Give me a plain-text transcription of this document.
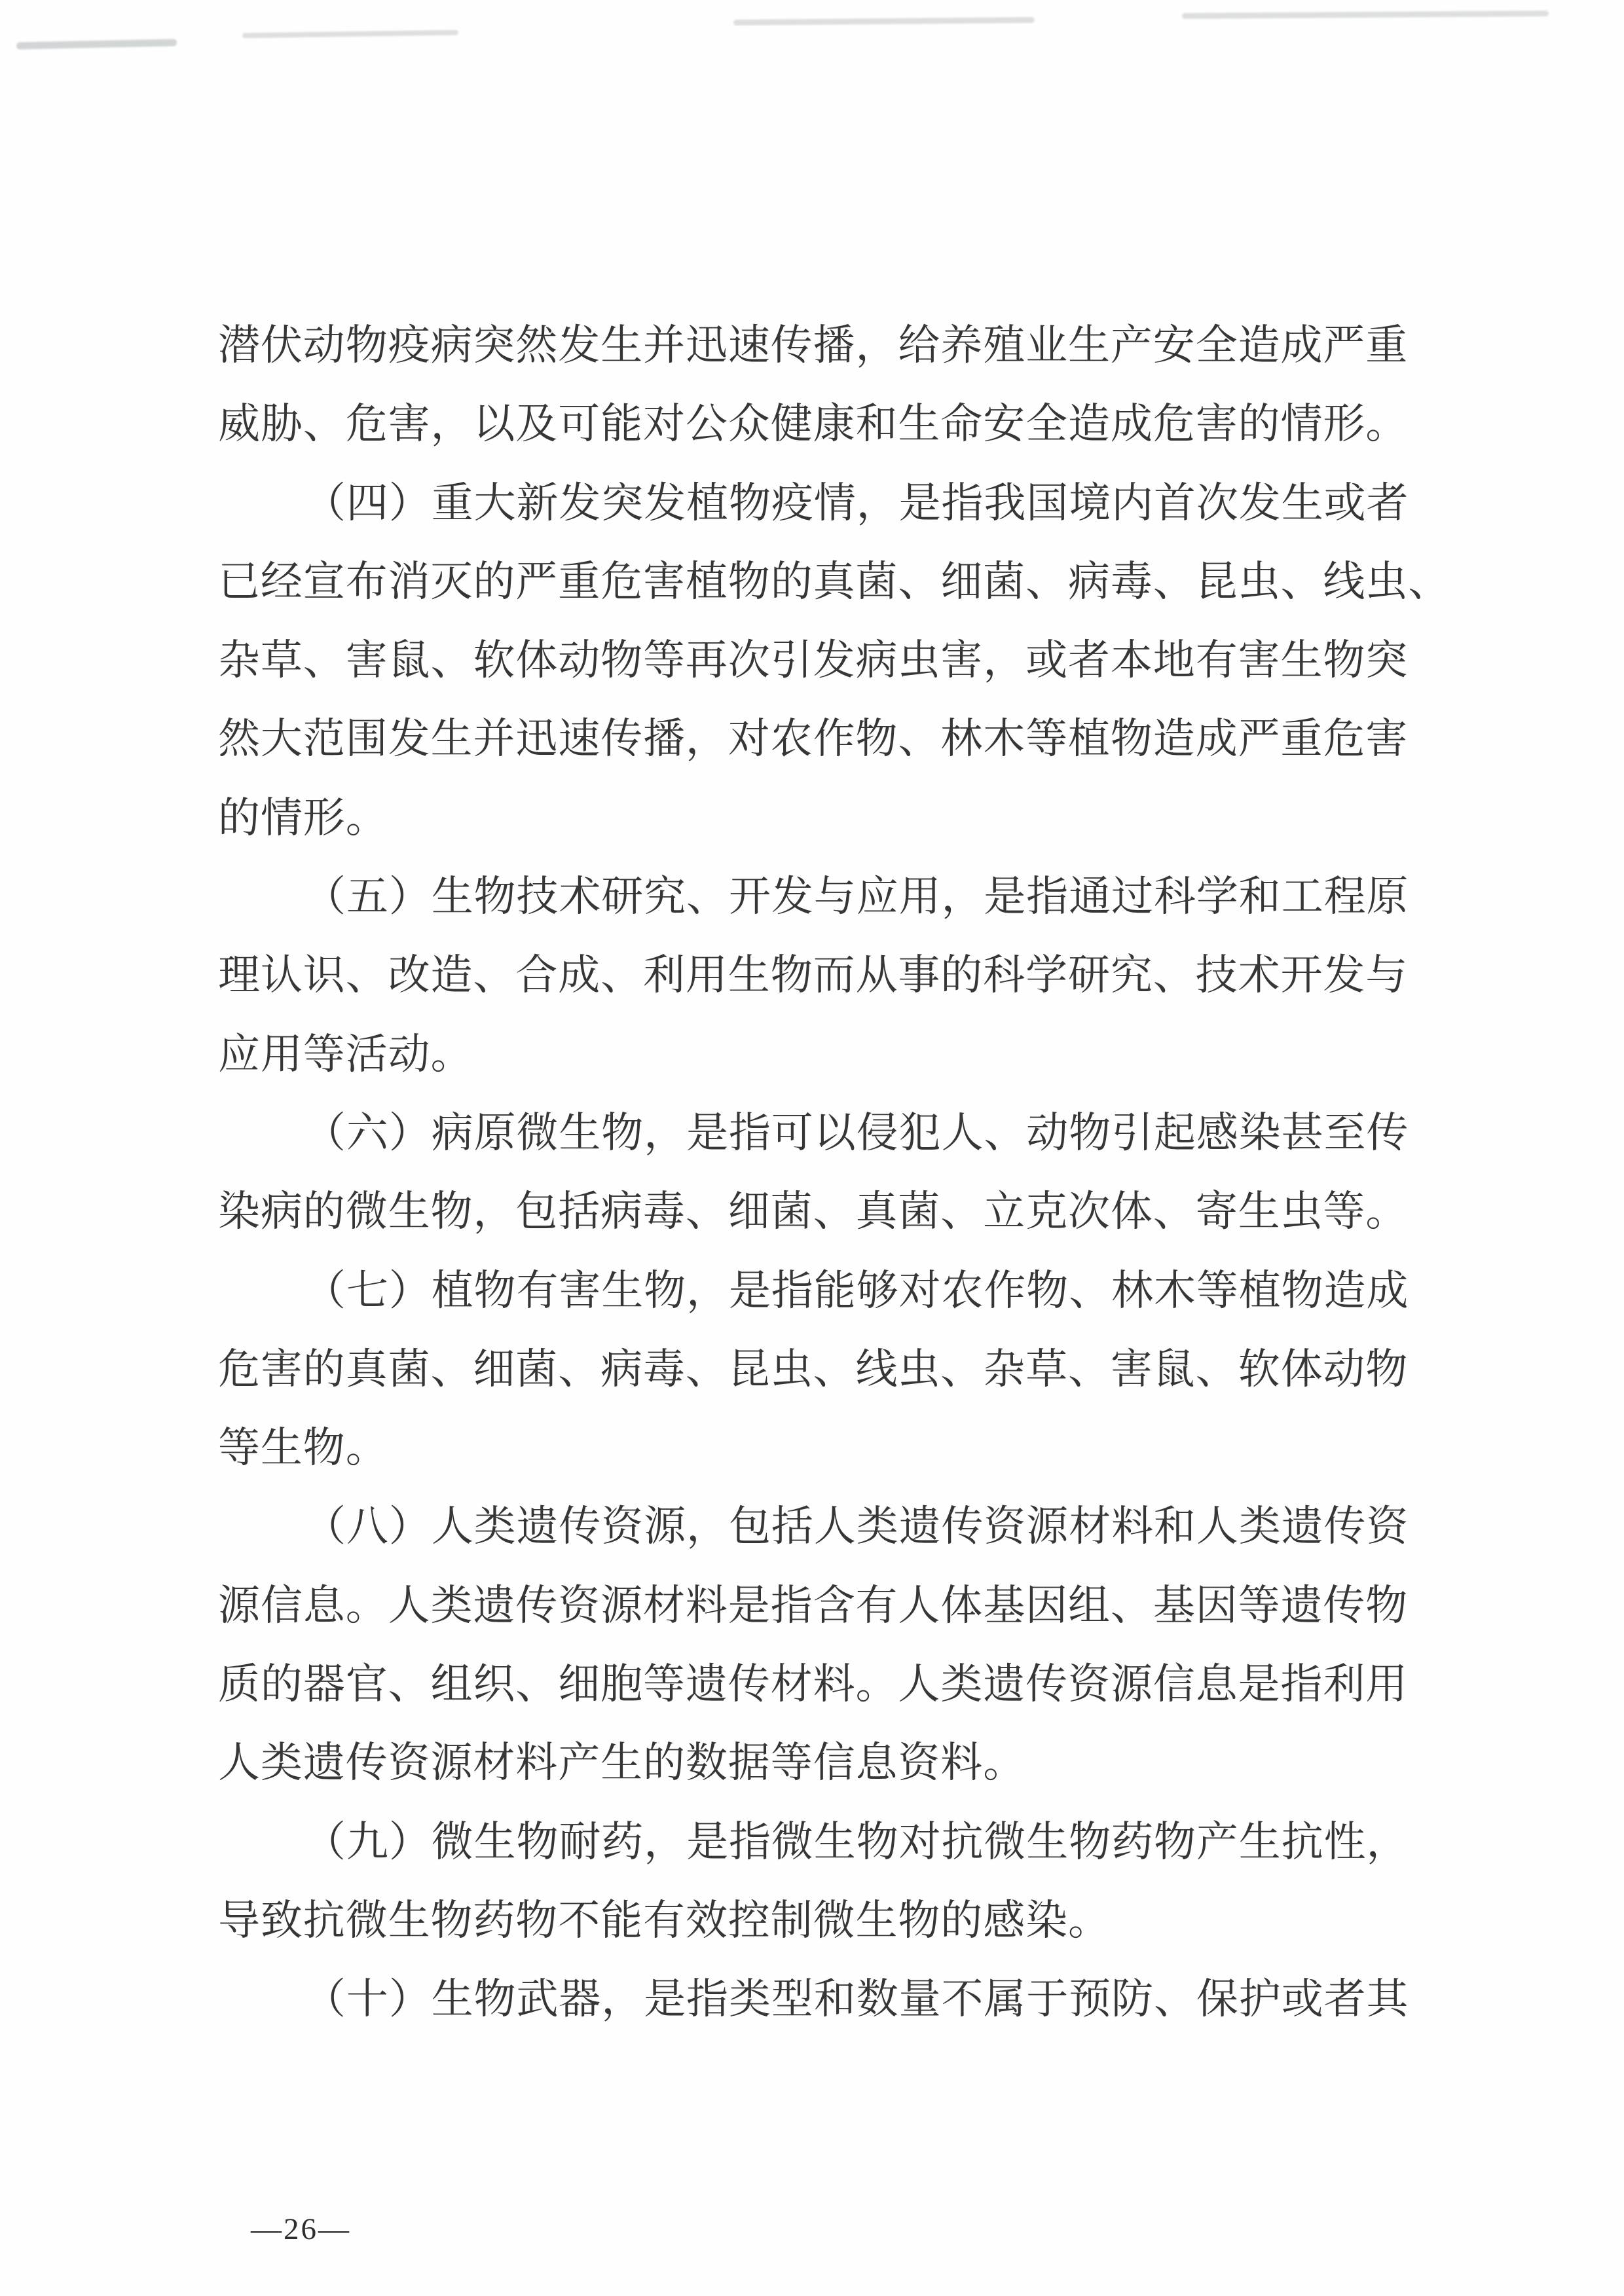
潜伏动物疫病突然发生并迅速传播，给养殖业生产安全造成严重
威胁、危害，以及可能对公众健康和生命安全造成危害的情形。
（四）重大新发突发植物疫情，是指我国境内首次发生或者
已经宣布消灭的严重危害植物的真菌、细菌、病毒、昆虫、线虫、
杂草、害鼠、软体动物等再次引发病虫害，或者本地有害生物突
然大范围发生并迅速传播，对农作物、林木等植物造成严重危害
的情形。
（五）生物技术研究、开发与应用，是指通过科学和工程原
理认识、改造、合成、利用生物而从事的科学研究、技术开发与
应用等活动。
（六）病原微生物，是指可以侵犯人、动物引起感染甚至传
染病的微生物，包括病毒、细菌、真菌、立克次体、寄生虫等。
（七）植物有害生物，是指能够对农作物、林木等植物造成
危害的真菌、细菌、病毒、昆虫、线虫、杂草、害鼠、软体动物
等生物。
（八）人类遗传资源，包括人类遗传资源材料和人类遗传资
源信息。人类遗传资源材料是指含有人体基因组、基因等遗传物
质的器官、组织、细胞等遗传材料。人类遗传资源信息是指利用
人类遗传资源材料产生的数据等信息资料。
（九）微生物耐药，是指微生物对抗微生物药物产生抗性，
导致抗微生物药物不能有效控制微生物的感染。
（十）生物武器，是指类型和数量不属于预防、保护或者其
—26—
